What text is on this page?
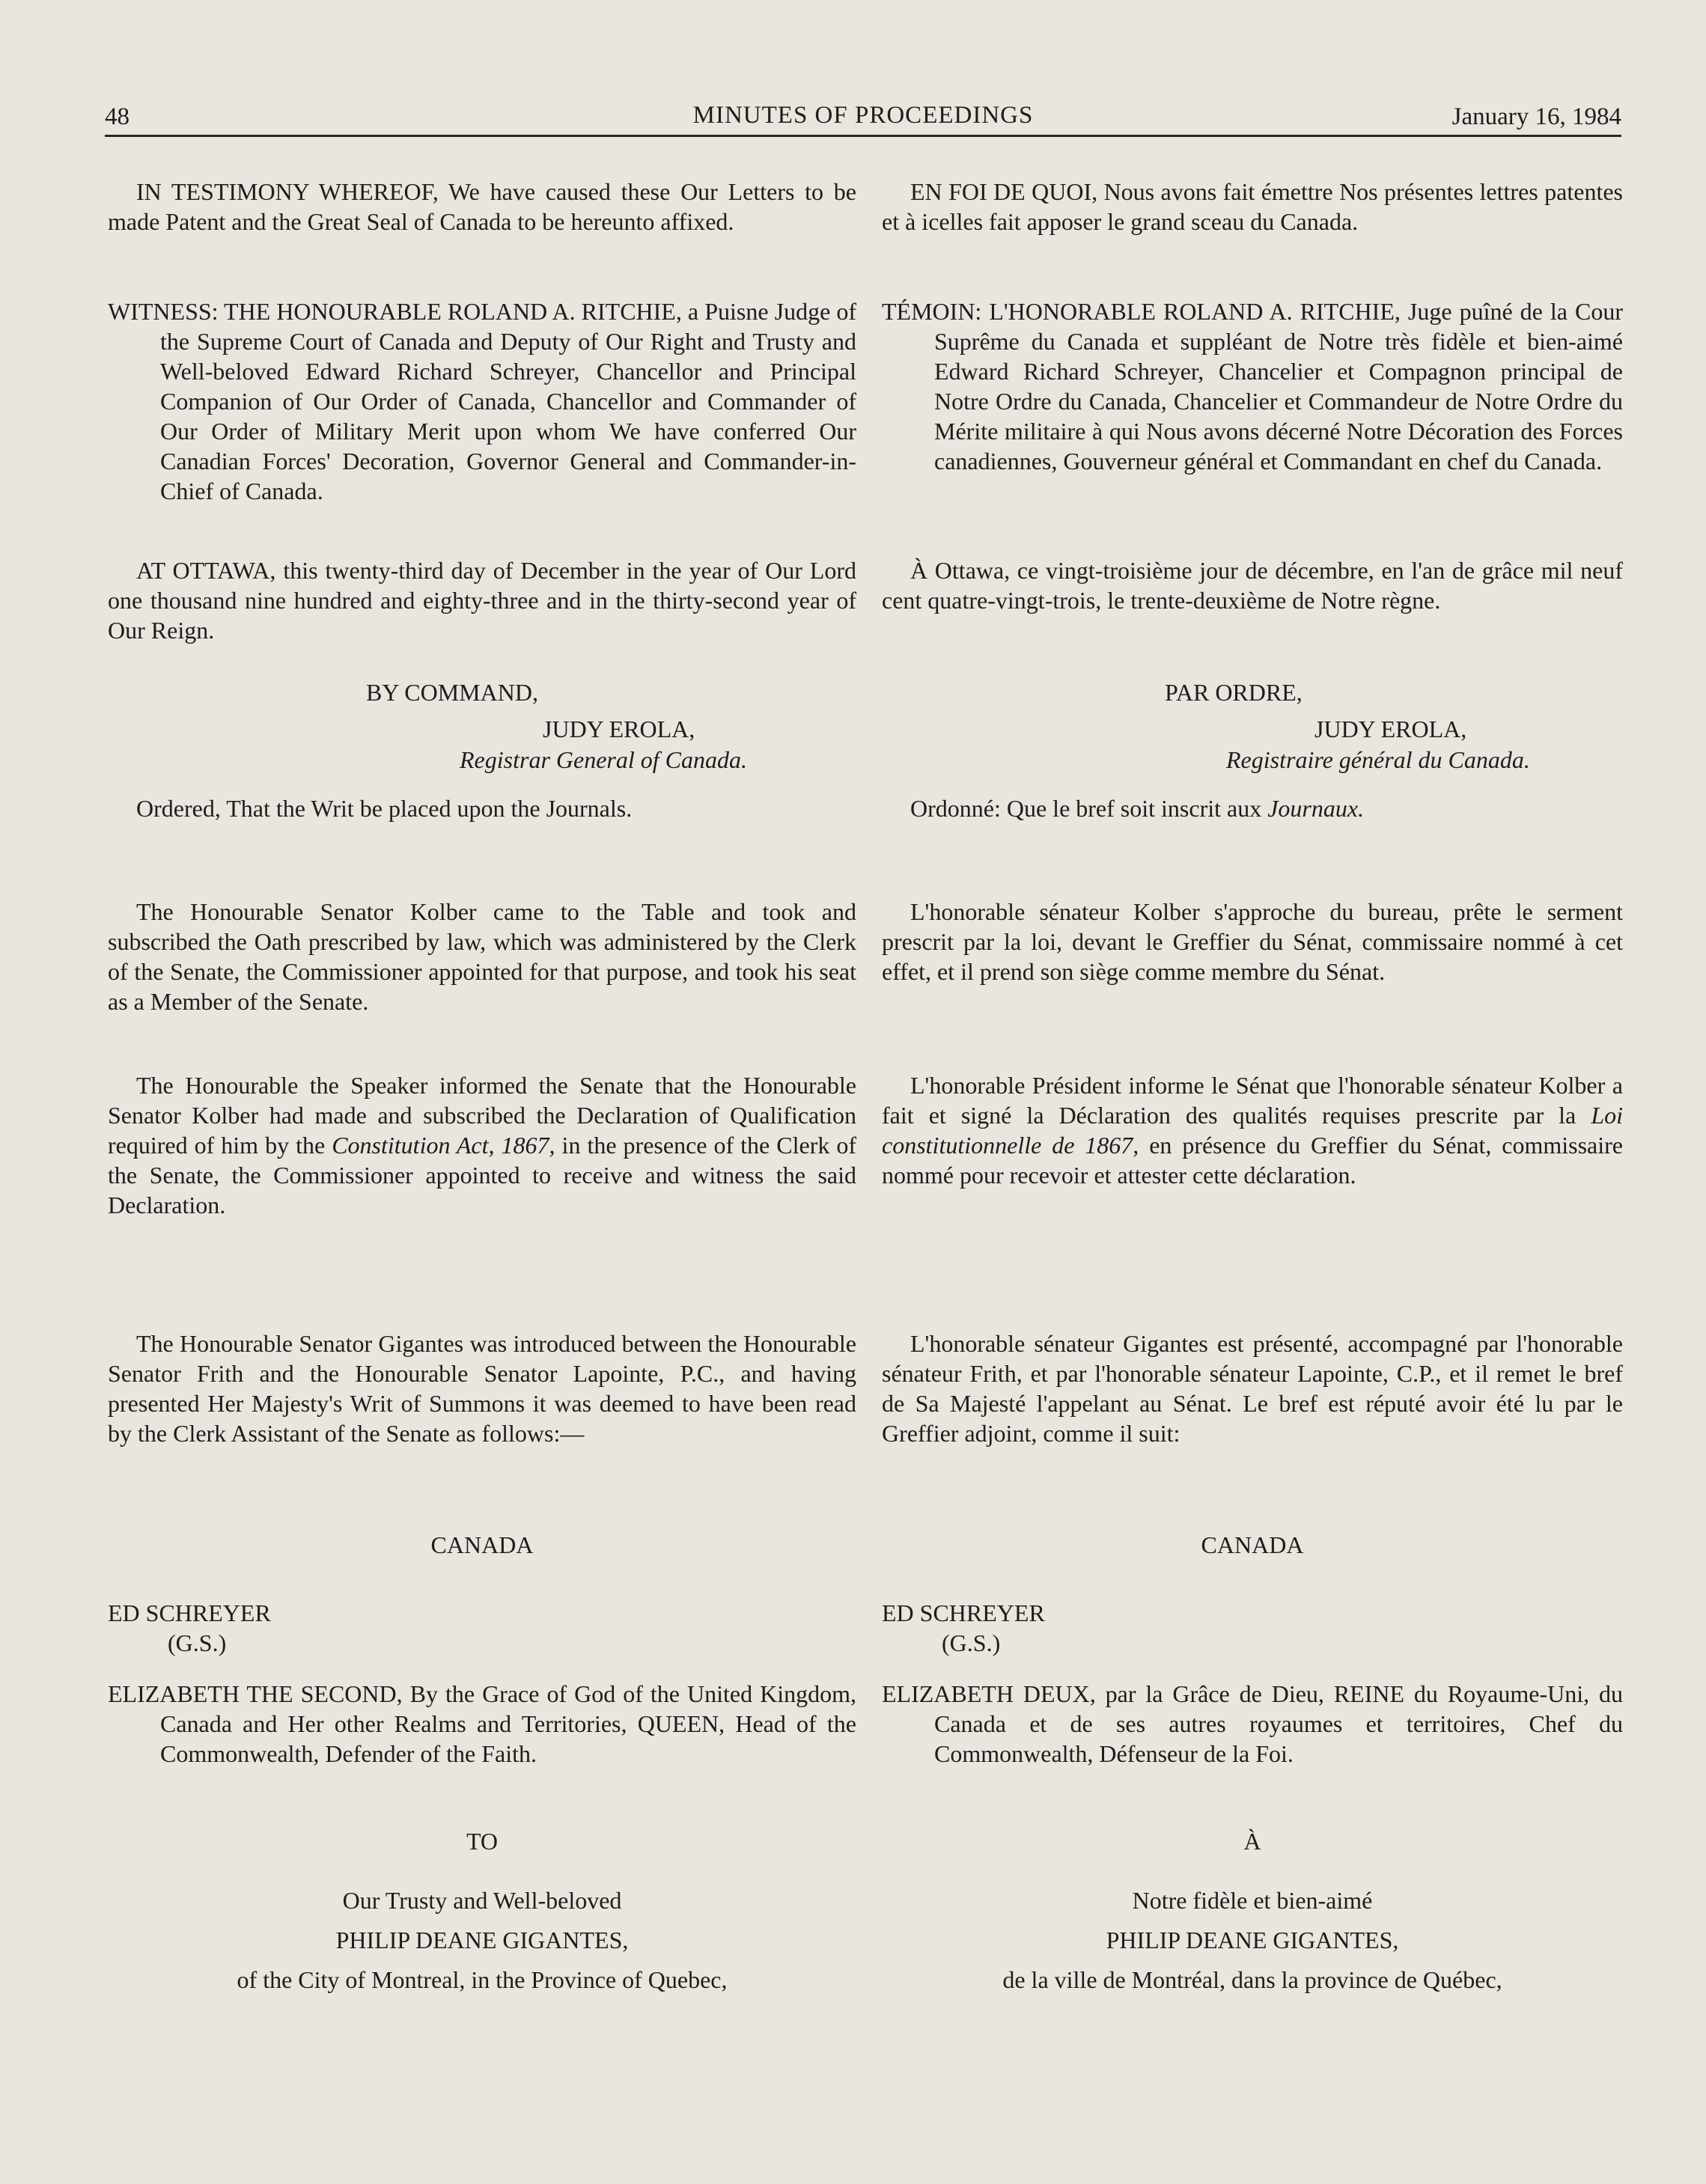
48	MINUTES OF PROCEEDINGS	January 16, 1984

IN TESTIMONY WHEREOF, We have caused these Our Letters to be made Patent and the Great Seal of Canada to be hereunto affixed.

WITNESS: THE HONOURABLE ROLAND A. RITCHIE, a Puisne Judge of the Supreme Court of Canada and Deputy of Our Right and Trusty and Well-beloved Edward Richard Schreyer, Chancellor and Principal Companion of Our Order of Canada, Chancellor and Commander of Our Order of Military Merit upon whom We have conferred Our Canadian Forces' Decoration, Governor General and Commander-in-Chief of Canada.

AT OTTAWA, this twenty-third day of December in the year of Our Lord one thousand nine hundred and eighty-three and in the thirty-second year of Our Reign.

BY COMMAND,
JUDY EROLA,
Registrar General of Canada.

Ordered, That the Writ be placed upon the Journals.

The Honourable Senator Kolber came to the Table and took and subscribed the Oath prescribed by law, which was administered by the Clerk of the Senate, the Commissioner appointed for that purpose, and took his seat as a Member of the Senate.

The Honourable the Speaker informed the Senate that the Honourable Senator Kolber had made and subscribed the Declaration of Qualification required of him by the Constitution Act, 1867, in the presence of the Clerk of the Senate, the Commissioner appointed to receive and witness the said Declaration.

The Honourable Senator Gigantes was introduced between the Honourable Senator Frith and the Honourable Senator Lapointe, P.C., and having presented Her Majesty's Writ of Summons it was deemed to have been read by the Clerk Assistant of the Senate as follows:—

CANADA
ED SCHREYER
(G.S.)

ELIZABETH THE SECOND, By the Grace of God of the United Kingdom, Canada and Her other Realms and Territories, QUEEN, Head of the Commonwealth, Defender of the Faith.

TO
Our Trusty and Well-beloved
PHILIP DEANE GIGANTES,
of the City of Montreal, in the Province of Quebec,

EN FOI DE QUOI, Nous avons fait émettre Nos présentes lettres patentes et à icelles fait apposer le grand sceau du Canada.

TÉMOIN: L'HONORABLE ROLAND A. RITCHIE, Juge puîné de la Cour Suprême du Canada et suppléant de Notre très fidèle et bien-aimé Edward Richard Schreyer, Chancelier et Compagnon principal de Notre Ordre du Canada, Chancelier et Commandeur de Notre Ordre du Mérite militaire à qui Nous avons décerné Notre Décoration des Forces canadiennes, Gouverneur général et Commandant en chef du Canada.

À Ottawa, ce vingt-troisième jour de décembre, en l'an de grâce mil neuf cent quatre-vingt-trois, le trente-deuxième de Notre règne.

PAR ORDRE,
JUDY EROLA,
Registraire général du Canada.

Ordonné: Que le bref soit inscrit aux Journaux.

L'honorable sénateur Kolber s'approche du bureau, prête le serment prescrit par la loi, devant le Greffier du Sénat, commissaire nommé à cet effet, et il prend son siège comme membre du Sénat.

L'honorable Président informe le Sénat que l'honorable sénateur Kolber a fait et signé la Déclaration des qualités requises prescrite par la Loi constitutionnelle de 1867, en présence du Greffier du Sénat, commissaire nommé pour recevoir et attester cette déclaration.

L'honorable sénateur Gigantes est présenté, accompagné par l'honorable sénateur Frith, et par l'honorable sénateur Lapointe, C.P., et il remet le bref de Sa Majesté l'appelant au Sénat. Le bref est réputé avoir été lu par le Greffier adjoint, comme il suit:

CANADA
ED SCHREYER
(G.S.)

ELIZABETH DEUX, par la Grâce de Dieu, REINE du Royaume-Uni, du Canada et de ses autres royaumes et territoires, Chef du Commonwealth, Défenseur de la Foi.

À
Notre fidèle et bien-aimé
PHILIP DEANE GIGANTES,
de la ville de Montréal, dans la province de Québec,
